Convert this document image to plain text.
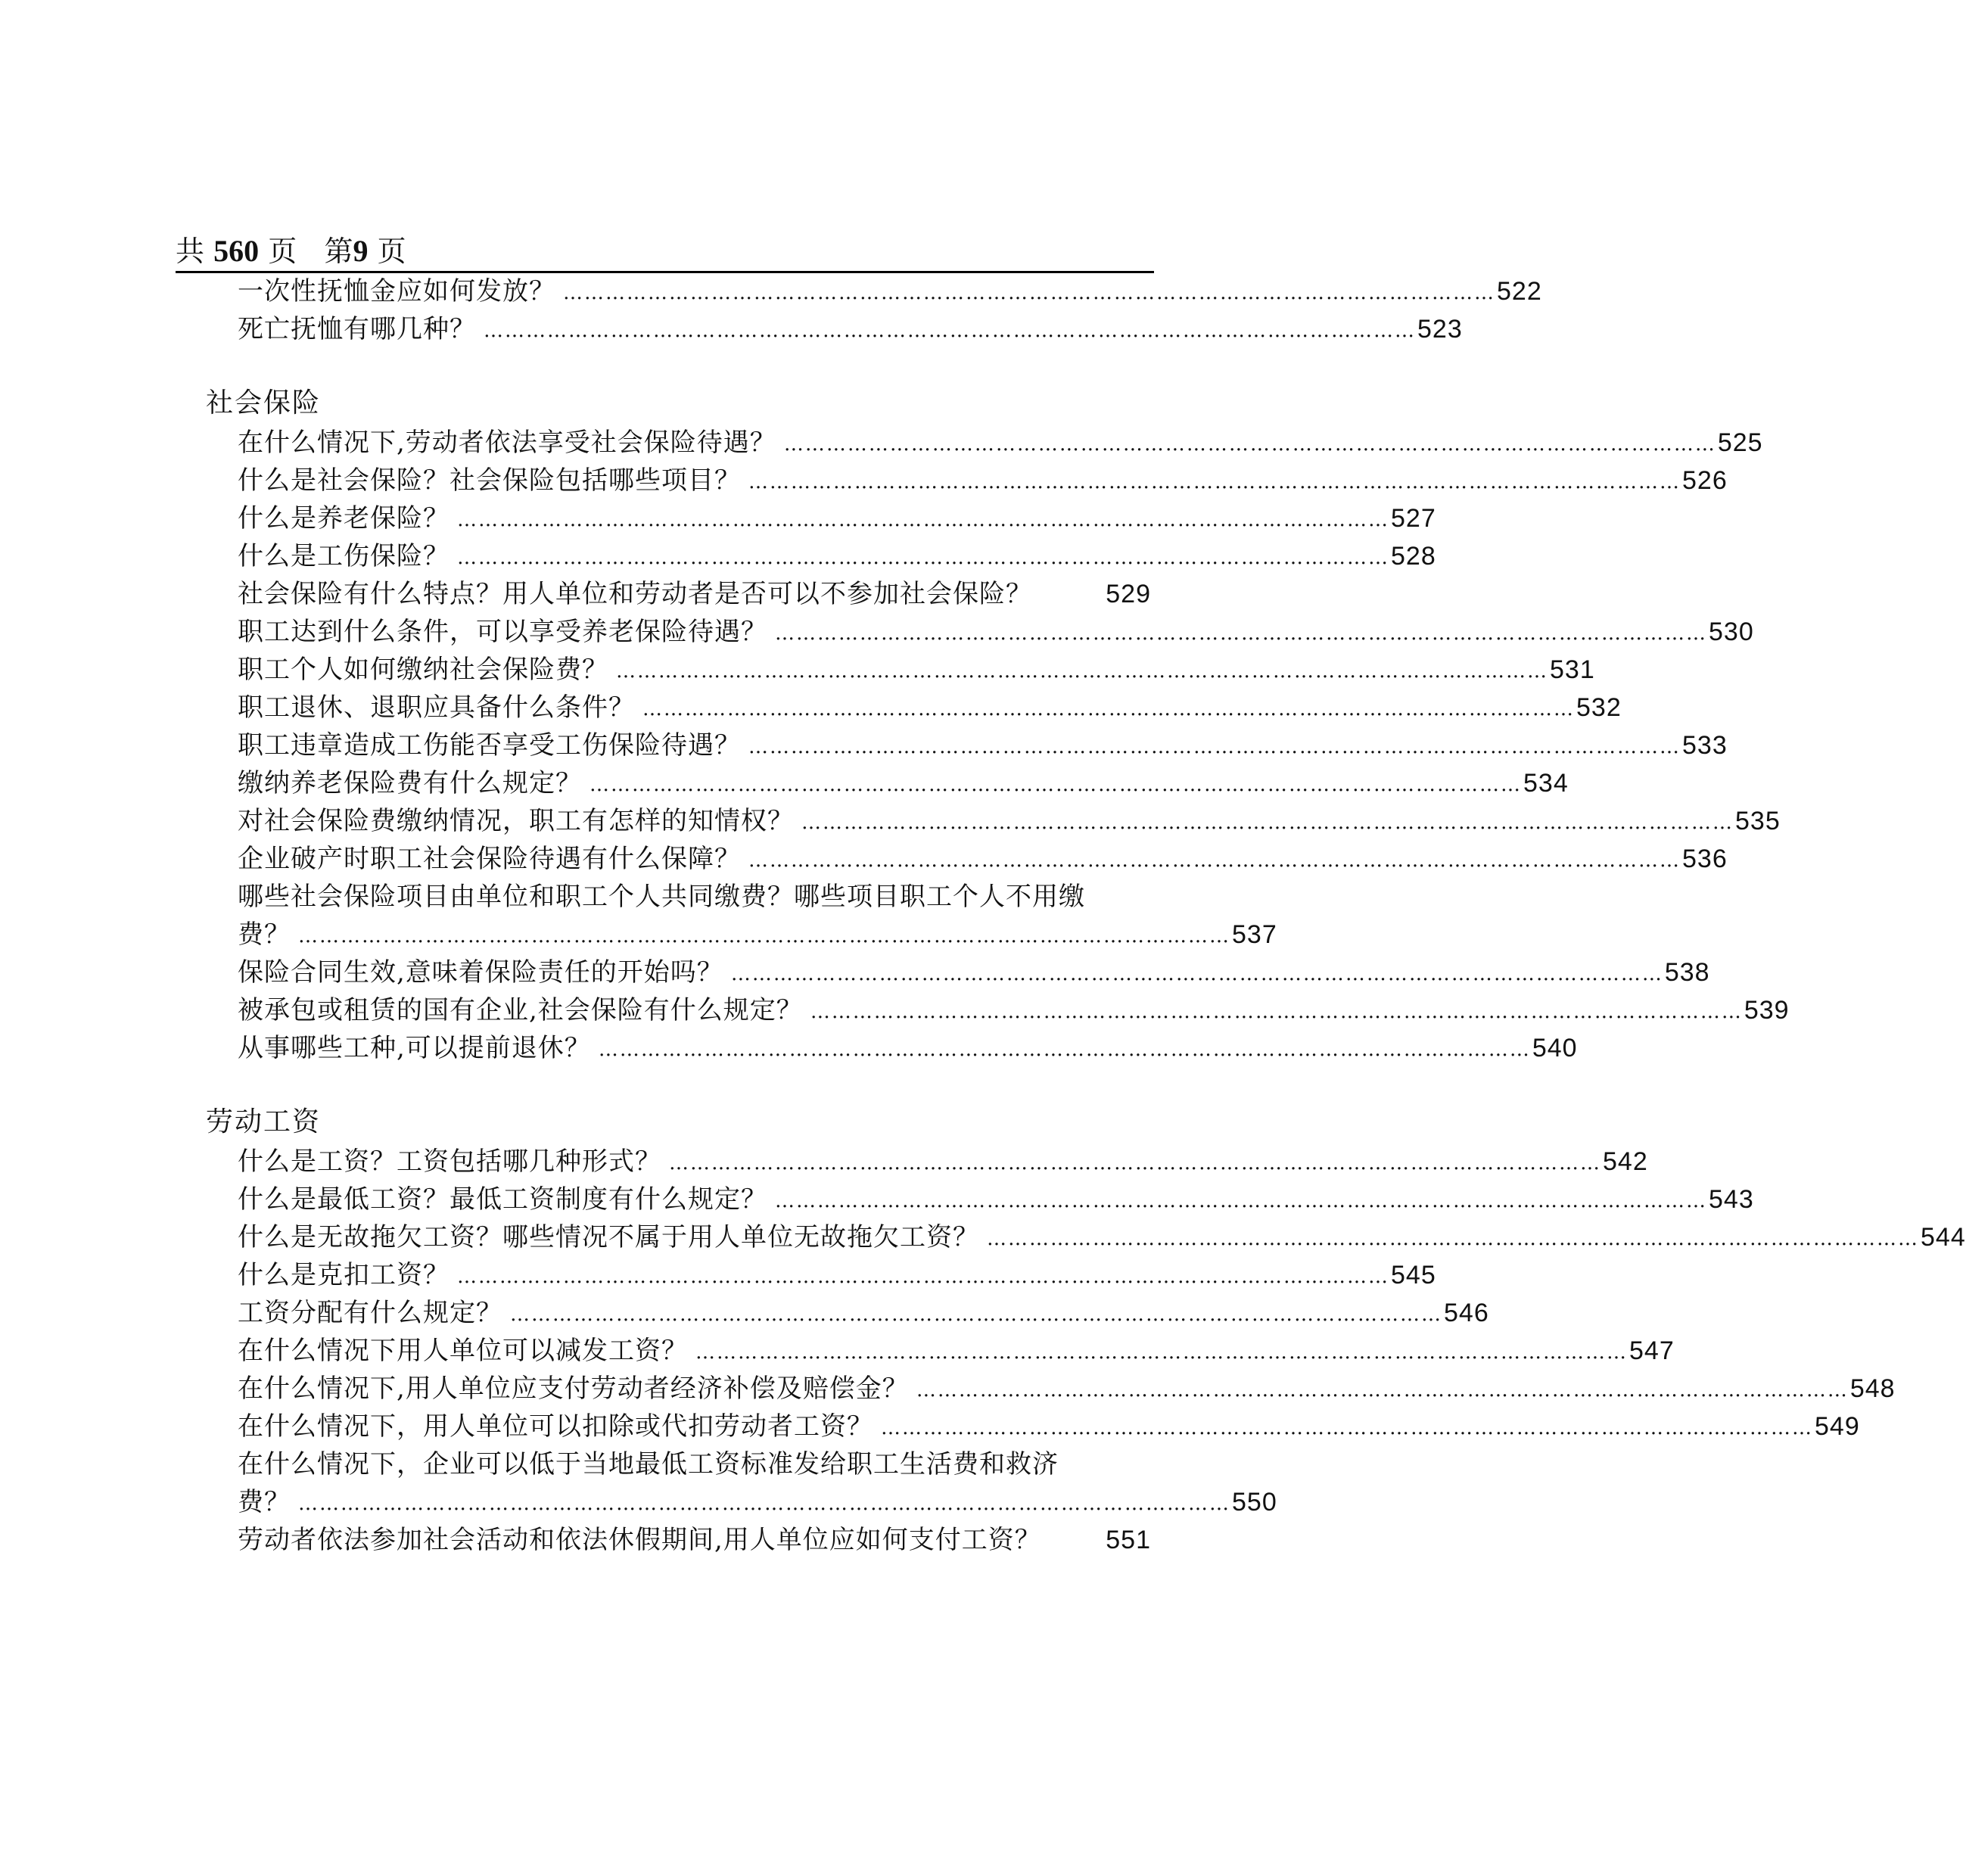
共 560 页 第9 页
一次性抚恤金应如何发放？ …………………………………………………………………………………………………………………… 522
死亡抚恤有哪几种？ …………………………………………………………………………………………………………………… 523
社会保险
在什么情况下,劳动者依法享受社会保险待遇？ …………………………………………………………………………………………………………………… 525
什么是社会保险？社会保险包括哪些项目？ …………………………………………………………………………………………………………………… 526
什么是养老保险？ …………………………………………………………………………………………………………………… 527
什么是工伤保险？ …………………………………………………………………………………………………………………… 528
社会保险有什么特点？用人单位和劳动者是否可以不参加社会保险？	529
职工达到什么条件，可以享受养老保险待遇？ …………………………………………………………………………………………………………………… 530
职工个人如何缴纳社会保险费？ …………………………………………………………………………………………………………………… 531
职工退休、退职应具备什么条件？ …………………………………………………………………………………………………………………… 532
职工违章造成工伤能否享受工伤保险待遇？ …………………………………………………………………………………………………………………… 533
缴纳养老保险费有什么规定？ …………………………………………………………………………………………………………………… 534
对社会保险费缴纳情况，职工有怎样的知情权？ …………………………………………………………………………………………………………………… 535
企业破产时职工社会保险待遇有什么保障？ …………………………………………………………………………………………………………………… 536
哪些社会保险项目由单位和职工个人共同缴费？哪些项目职工个人不用缴
费？ …………………………………………………………………………………………………………………… 537
保险合同生效,意味着保险责任的开始吗？ …………………………………………………………………………………………………………………… 538
被承包或租赁的国有企业,社会保险有什么规定？ …………………………………………………………………………………………………………………… 539
从事哪些工种,可以提前退休？ …………………………………………………………………………………………………………………… 540
劳动工资
什么是工资？工资包括哪几种形式？ …………………………………………………………………………………………………………………… 542
什么是最低工资？最低工资制度有什么规定？ …………………………………………………………………………………………………………………… 543
什么是无故拖欠工资？哪些情况不属于用人单位无故拖欠工资？ …………………………………………………………………………………………………………………… 544
什么是克扣工资？ …………………………………………………………………………………………………………………… 545
工资分配有什么规定？ …………………………………………………………………………………………………………………… 546
在什么情况下用人单位可以减发工资？ …………………………………………………………………………………………………………………… 547
在什么情况下,用人单位应支付劳动者经济补偿及赔偿金？ …………………………………………………………………………………………………………………… 548
在什么情况下，用人单位可以扣除或代扣劳动者工资？ …………………………………………………………………………………………………………………… 549
在什么情况下，企业可以低于当地最低工资标准发给职工生活费和救济
费？ …………………………………………………………………………………………………………………… 550
劳动者依法参加社会活动和依法休假期间,用人单位应如何支付工资？	551
